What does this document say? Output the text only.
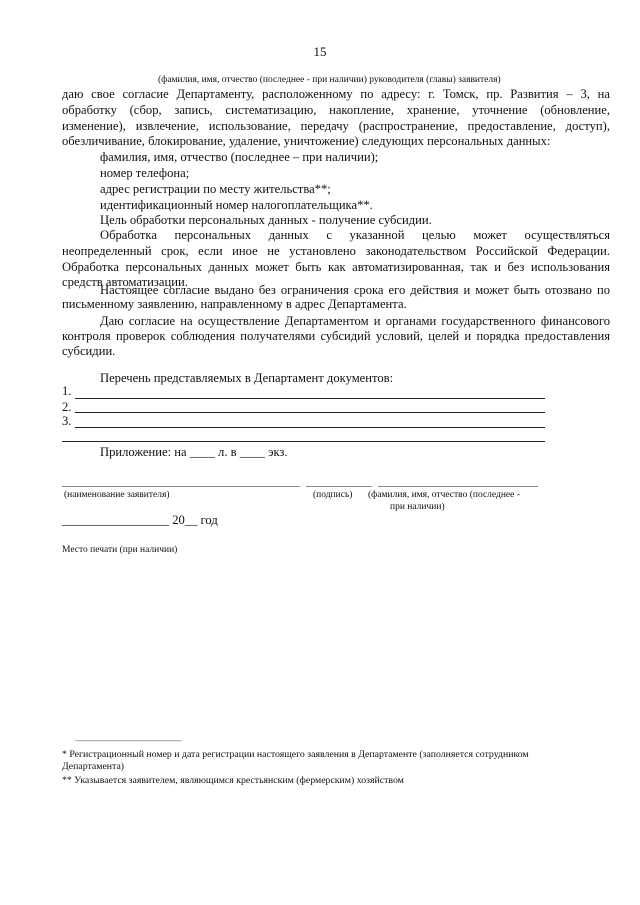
15
(фамилия, имя, отчество (последнее - при наличии) руководителя (главы) заявителя)
даю свое согласие Департаменту, расположенному по адресу: г. Томск, пр. Развития – 3, на
обработку (сбор, запись, систематизацию, накопление, хранение, уточнение (обновление,
изменение), извлечение, использование, передачу (распространение, предоставление, доступ),
обезличивание, блокирование, удаление, уничтожение) следующих персональных данных:
фамилия, имя, отчество (последнее – при наличии);
номер телефона;
адрес регистрации по месту жительства**;
идентификационный номер налогоплательщика**.
Цель обработки персональных данных - получение субсидии.
Обработка персональных данных с указанной целью может осуществляться
неопределенный срок, если иное не установлено законодательством Российской Федерации.
Обработка персональных данных может быть как автоматизированная, так и без использования
средств автоматизации.
Настоящее согласие выдано без ограничения срока его действия и может быть отозвано по
письменному заявлению, направленному в адрес Департамента.
Даю согласие на осуществление Департаментом и органами государственного финансового
контроля проверок соблюдения получателями субсидий условий, целей и порядка предоставления
субсидии.
Перечень представляемых в Департамент документов:
1.
2.
3.
Приложение: на ____ л. в ____ экз.
(наименование заявителя)	(подпись) (фамилия, имя, отчество (последнее -
при наличии)
_________________ 20__ год
Место печати (при наличии)
----------------------------------------
* Регистрационный номер и дата регистрации настоящего заявления в Департаменте (заполняется сотрудником
Департамента)
** Указывается заявителем, являющимся крестьянским (фермерским) хозяйством
